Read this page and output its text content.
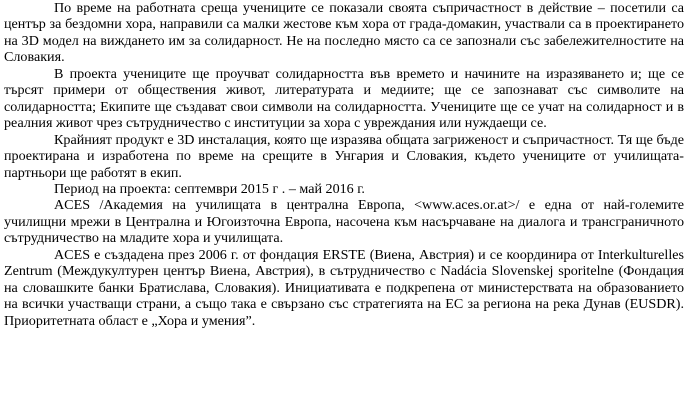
По време на работната среща учениците се показали своята съпричастност в действие – посетили са център за бездомни хора, направили са малки жестове към хора от града-домакин, участвали са в проектирането на 3D модел на виждането им за солидарност. Не на последно място са се запознали със забележителностите на Словакия.

В проекта учениците ще проучват солидарността във времето и начините на изразяването и; ще се търсят примери от обществения живот, литературата и медиите; ще се запознават със символите на солидарността; Екипите ще създават свои символи на солидарността. Учениците ще се учат на солидарност и в реалния живот чрез сътрудничество с институции за хора с увреждания или нуждаещи се.

Крайният продукт е 3D инсталация, която ще изразява общата загриженост и съпричастност. Тя ще бъде проектирана и изработена по време на срещите в Унгария и Словакия, където учениците от училищата-партньори ще работят в екип.

Период на проекта: септември 2015 г . – май 2016 г.

ACES /Академия на училищата в централна Европа, <www.aces.or.at>/ е една от най-големите училищни мрежи в Централна и Югоизточна Европа, насочена към насърчаване на диалога и трансграничното сътрудничество на младите хора и училищата.

ACES е създадена през 2006 г. от фондация ERSTE (Виена, Австрия) и се координира от Interkulturelles Zentrum (Междукултурен център Виена, Австрия), в сътрудничество с Nadácia Slovenskej sporitelne (Фондация на словашките банки Братислава, Словакия). Инициативата е подкрепена от министерствата на образованието на всички участващи страни, а също така е свързано със стратегията на ЕС за региона на река Дунав (EUSDR). Приоритетната област е „Хора и умения”.
